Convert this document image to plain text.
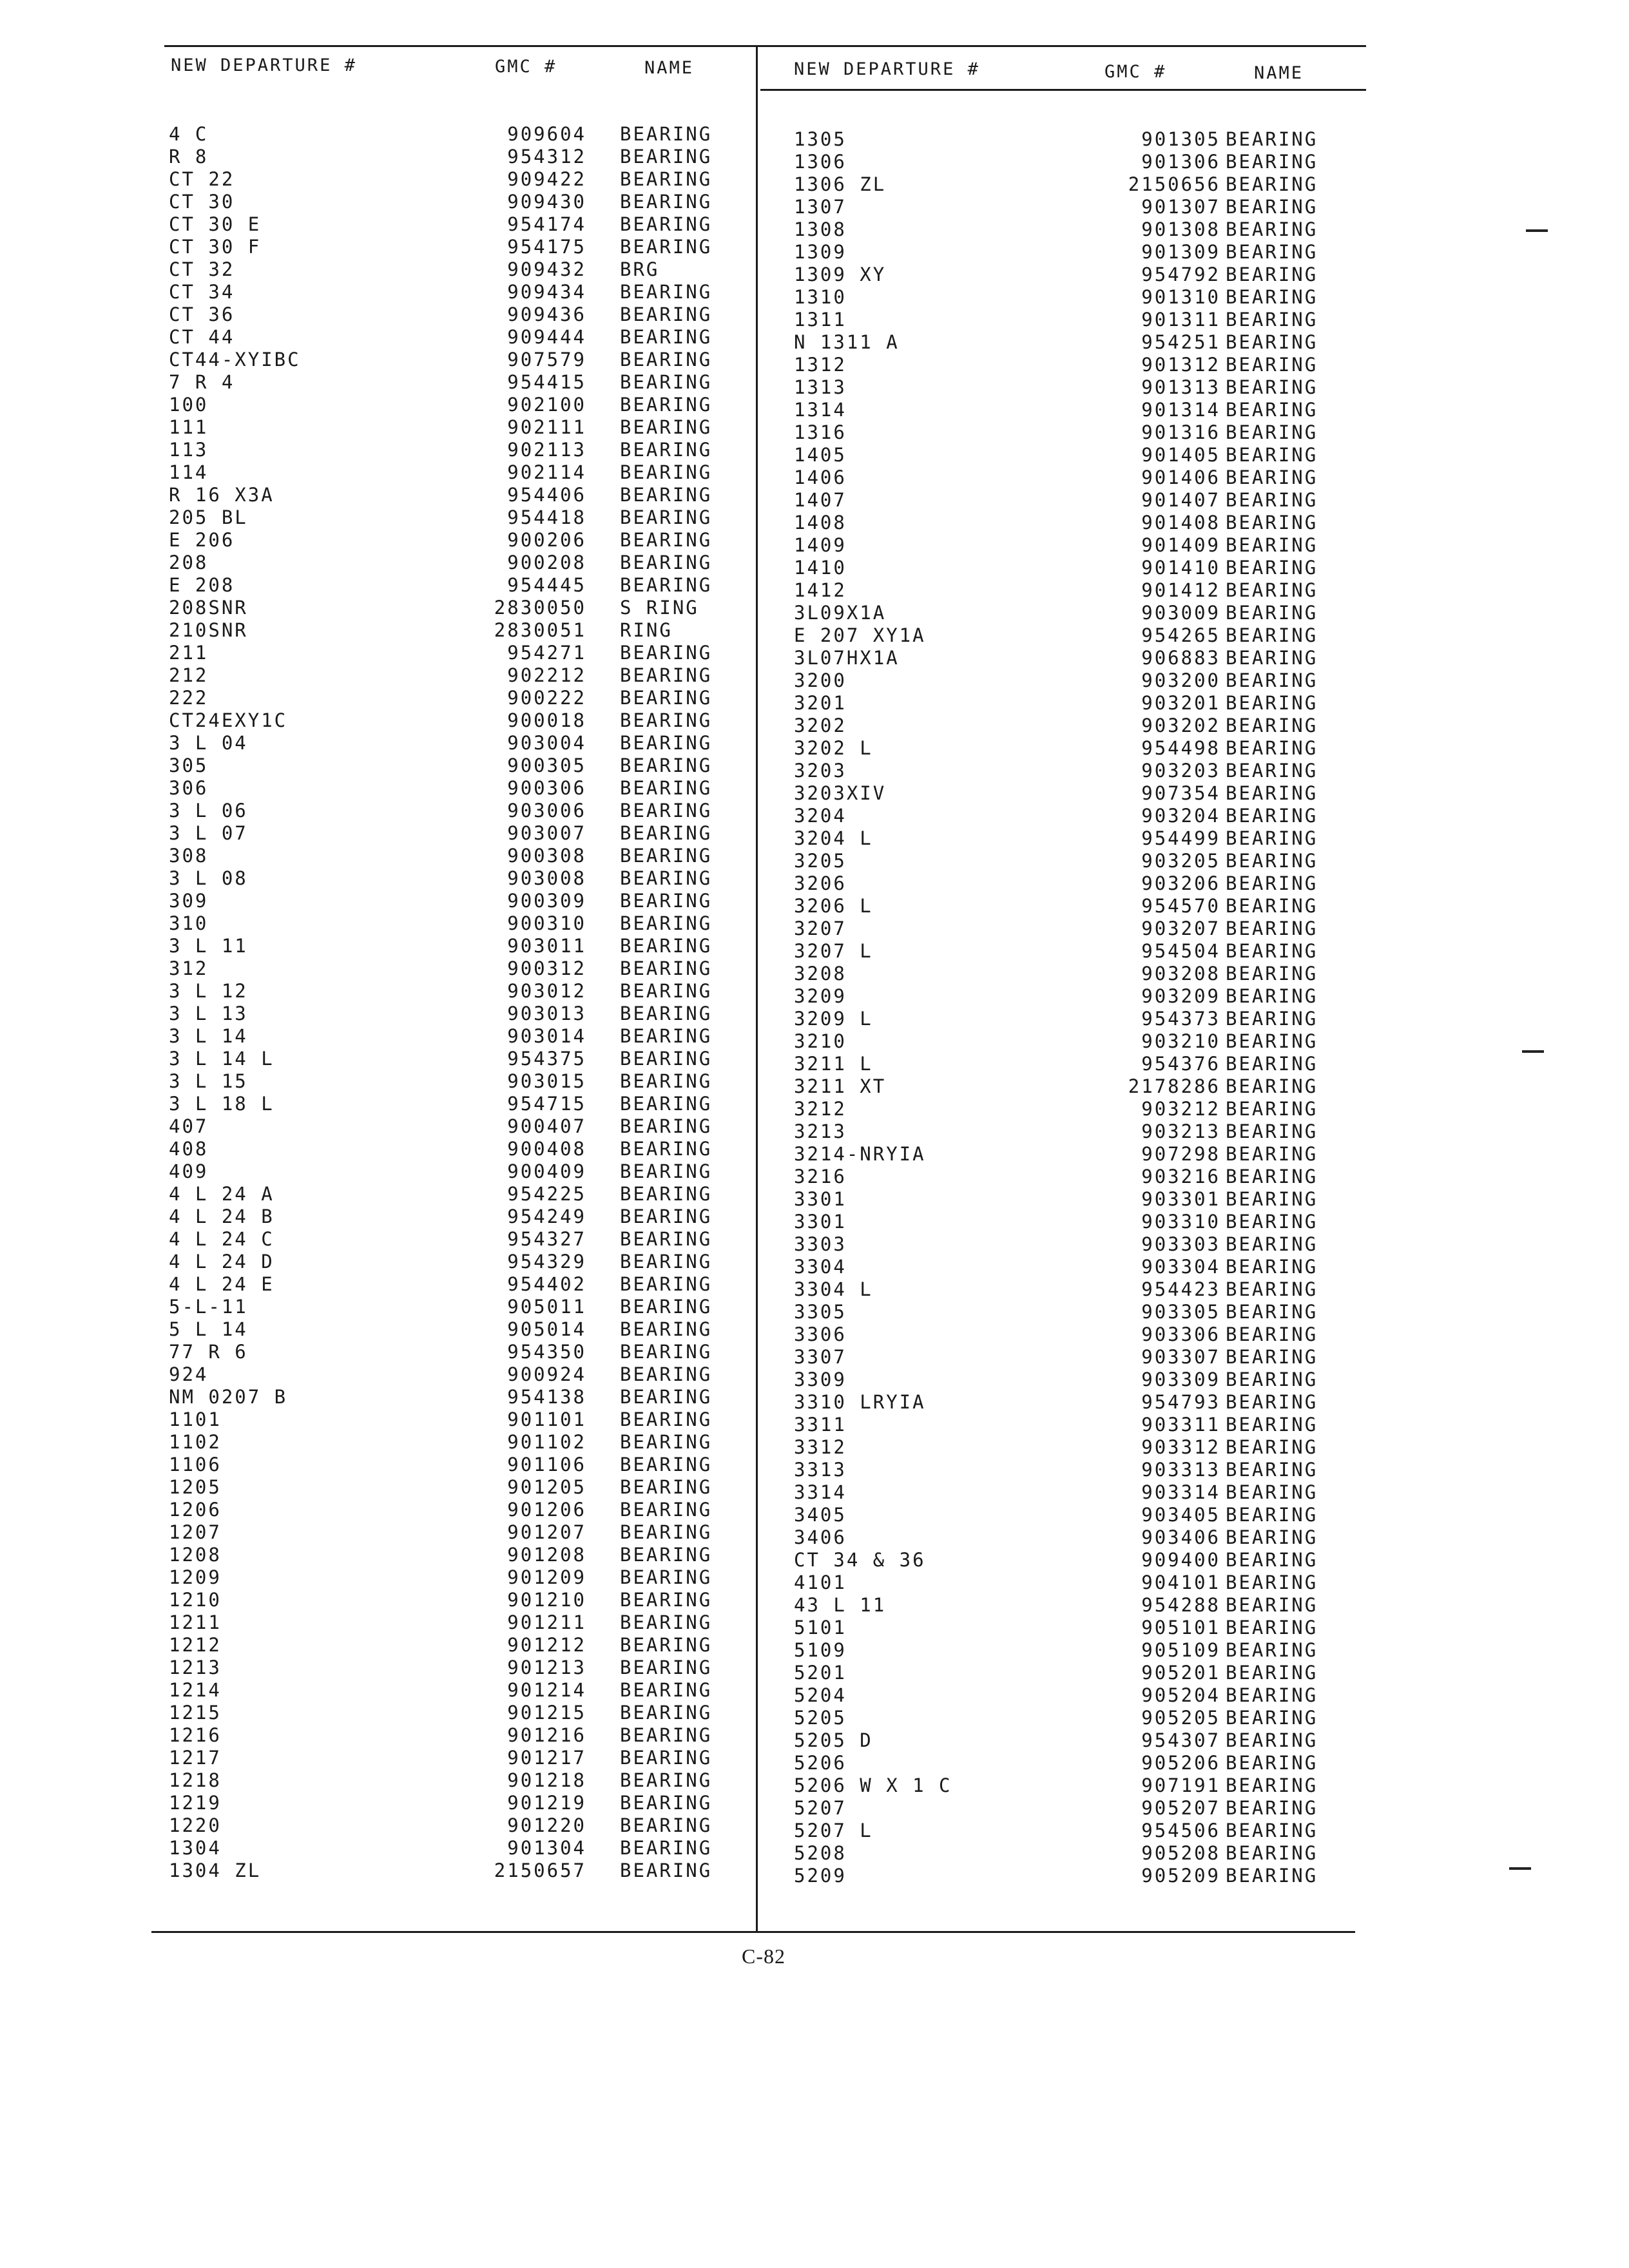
NEW DEPARTURE #	GMC #	NAME	NEW DEPARTURE #	GMC #	NAME
4 C	909604 BEARING
R 8	954312 BEARING
CT 22	909422 BEARING
CT 30	909430 BEARING
CT 30 E	954174 BEARING
CT 30 F	954175 BEARING
CT 32	909432 BRG
CT 34	909434 BEARING
CT 36	909436 BEARING
CT 44	909444 BEARING
CT44-XYIBC	907579 BEARING
7 R 4	954415 BEARING
100	902100 BEARING
111	902111 BEARING
113	902113 BEARING
114	902114 BEARING
R 16 X3A	954406 BEARING
205 BL	954418 BEARING
E 206	900206 BEARING
208	900208 BEARING
E 208	954445 BEARING
208SNR	2830050 S RING
210SNR	2830051 RING
211	954271 BEARING
212	902212 BEARING
222	900222 BEARING
CT24EXY1C	900018 BEARING
3 L 04	903004 BEARING
305	900305 BEARING
306	900306 BEARING
3 L 06	903006 BEARING
3 L 07	903007 BEARING
308	900308 BEARING
3 L 08	903008 BEARING
309	900309 BEARING
310	900310 BEARING
3 L 11	903011 BEARING
312	900312 BEARING
3 L 12	903012 BEARING
3 L 13	903013 BEARING
3 L 14	903014 BEARING
3 L 14 L	954375 BEARING
3 L 15	903015 BEARING
3 L 18 L	954715 BEARING
407	900407 BEARING
408	900408 BEARING
409	900409 BEARING
4 L 24 A	954225 BEARING
4 L 24 B	954249 BEARING
4 L 24 C	954327 BEARING
4 L 24 D	954329 BEARING
4 L 24 E	954402 BEARING
5-L-11	905011 BEARING
5 L 14	905014 BEARING
77 R 6	954350 BEARING
924	900924 BEARING
NM 0207 B	954138 BEARING
1101	901101 BEARING
1102	901102 BEARING
1106	901106 BEARING
1205	901205 BEARING
1206	901206 BEARING
1207	901207 BEARING
1208	901208 BEARING
1209	901209 BEARING
1210	901210 BEARING
1211	901211 BEARING
1212	901212 BEARING
1213	901213 BEARING
1214	901214 BEARING
1215	901215 BEARING
1216	901216 BEARING
1217	901217 BEARING
1218	901218 BEARING
1219	901219 BEARING
1220	901220 BEARING
1304	901304 BEARING
1304 ZL	2150657 BEARING
1305	901305 BEARING
1306	901306 BEARING
1306 ZL	2150656 BEARING
1307	901307 BEARING
1308	901308 BEARING
1309	901309 BEARING
1309 XY	954792 BEARING
1310	901310 BEARING
1311	901311 BEARING
N 1311 A	954251 BEARING
1312	901312 BEARING
1313	901313 BEARING
1314	901314 BEARING
1316	901316 BEARING
1405	901405 BEARING
1406	901406 BEARING
1407	901407 BEARING
1408	901408 BEARING
1409	901409 BEARING
1410	901410 BEARING
1412	901412 BEARING
3L09X1A	903009 BEARING
E 207 XY1A	954265 BEARING
3L07HX1A	906883 BEARING
3200	903200 BEARING
3201	903201 BEARING
3202	903202 BEARING
3202 L	954498 BEARING
3203	903203 BEARING
3203XIV	907354 BEARING
3204	903204 BEARING
3204 L	954499 BEARING
3205	903205 BEARING
3206	903206 BEARING
3206 L	954570 BEARING
3207	903207 BEARING
3207 L	954504 BEARING
3208	903208 BEARING
3209	903209 BEARING
3209 L	954373 BEARING
3210	903210 BEARING
3211 L	954376 BEARING
3211 XT	2178286 BEARING
3212	903212 BEARING
3213	903213 BEARING
3214-NRYIA	907298 BEARING
3216	903216 BEARING
3301	903301 BEARING
3301	903310 BEARING
3303	903303 BEARING
3304	903304 BEARING
3304 L	954423 BEARING
3305	903305 BEARING
3306	903306 BEARING
3307	903307 BEARING
3309	903309 BEARING
3310 LRYIA	954793 BEARING
3311	903311 BEARING
3312	903312 BEARING
3313	903313 BEARING
3314	903314 BEARING
3405	903405 BEARING
3406	903406 BEARING
CT 34 & 36	909400 BEARING
4101	904101 BEARING
43 L 11	954288 BEARING
5101	905101 BEARING
5109	905109 BEARING
5201	905201 BEARING
5204	905204 BEARING
5205	905205 BEARING
5205 D	954307 BEARING
5206	905206 BEARING
5206 W X 1 C	907191 BEARING
5207	905207 BEARING
5207 L	954506 BEARING
5208	905208 BEARING
5209	905209 BEARING
C-82
